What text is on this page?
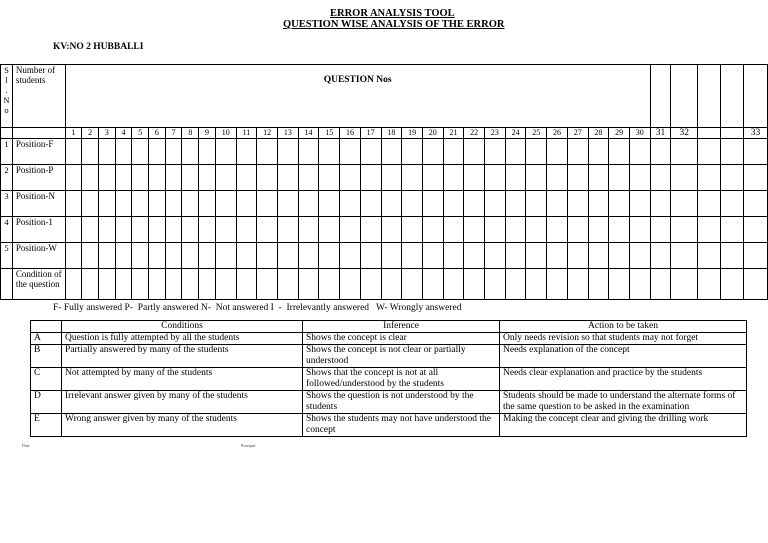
ERROR ANALYSIS TOOL
QUESTION WISE ANALYSIS OF THE ERROR
KV:NO 2 HUBBALLI
S
l
.
N
o	Number of students	QUESTION Nos																																		

		1	2	3	4	5	6	7	8	9	10	11	12	13	14	15	16	17	18	19	20	21	22	23	24	25	26	27	28	29	30	31	32			33
1	Position-F																																			
2	Position-P																																			
3	Position-N																																			
4	Position-1																																			
5	Position-W																																			
	Condition of the question																																			
F- Fully answered P-  Partly answered N-  Not answered I  -  Irrelevantly answered   W- Wrongly answered
	Conditions	Inference	Action to be taken
A	Question is fully attempted by all the students	Shows the concept is clear	Only needs revision so that students may not forget
B	Partially answered by many of the students	Shows the concept is not clear or partially understood	Needs explanation of the concept
C	Not attempted by many of the students	Shows that the concept is not at all followed/understood by the students	Needs clear explanation and practice by the students
D	Irrelevant answer given by many of the students	Shows the question is not understood by the students	Students should be made to understand the alternate forms of the same question to be asked in the examination
E	Wrong answer given by many of the students	Shows the students may not have understood the concept	Making the concept clear and giving the drilling work
Date	Principal
